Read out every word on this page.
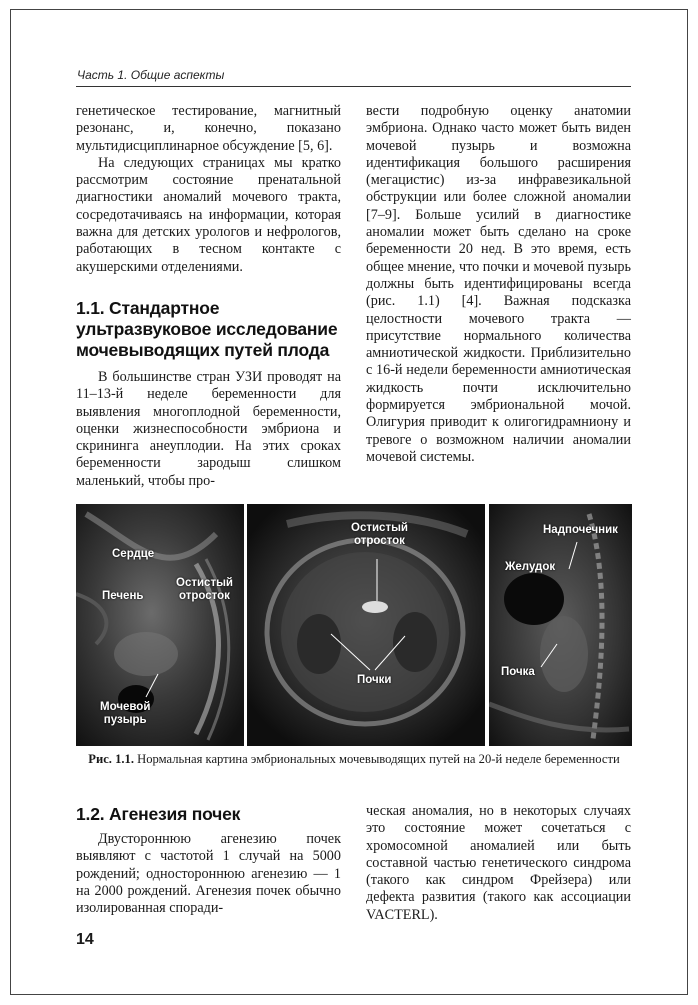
Часть 1. Общие аспекты

генетическое тестирование, магнитный резонанс, и, конечно, показано мультидисциплинарное обсуждение [5, 6].

На следующих страницах мы кратко рассмотрим состояние пренатальной диагностики аномалий мочевого тракта, сосредотачиваясь на информации, которая важна для детских урологов и нефрологов, работающих в тесном контакте с акушерскими отделениями.

1.1. Стандартное ультразвуковое исследование мочевыводящих путей плода

В большинстве стран УЗИ проводят на 11–13-й неделе беременности для выявления многоплодной беременности, оценки жизнеспособности эмбриона и скрининга анеуплодии. На этих сроках беременности зародыш слишком маленький, чтобы про-

вести подробную оценку анатомии эмбриона. Однако часто может быть виден мочевой пузырь и возможна идентификация большого расширения (мегацистис) из-за инфравезикальной обструкции или более сложной аномалии [7–9]. Больше усилий в диагностике аномалии может быть сделано на сроке беременности 20 нед. В это время, есть общее мнение, что почки и мочевой пузырь должны быть идентифицированы всегда (рис. 1.1) [4]. Важная подсказка целостности мочевого тракта — присутствие нормального количества амниотической жидкости. Приблизительно с 16-й недели беременности амниотическая жидкость почти исключительно формируется эмбриональной мочой. Олигурия приводит к олигогидрамниону и тревоге о возможном наличии аномалии мочевой системы.

Сердце
Печень
Остистый
отросток
Мочевой
пузырь
Остистый
отросток
Почки
Надпочечник
Желудок
Почка
Рис. 1.1. Нормальная картина эмбриональных мочевыводящих путей на 20-й неделе беременности
1.2. Агенезия почек

Двустороннюю агенезию почек выявляют с частотой 1 случай на 5000 рождений; одностороннюю агенезию — 1 на 2000 рождений. Агенезия почек обычно изолированная споради-

ческая аномалия, но в некоторых случаях это состояние может сочетаться с хромосомной аномалией или быть составной частью генетического синдрома (такого как синдром Фрейзера) или дефекта развития (такого как ассоциации VACTERL).

14
